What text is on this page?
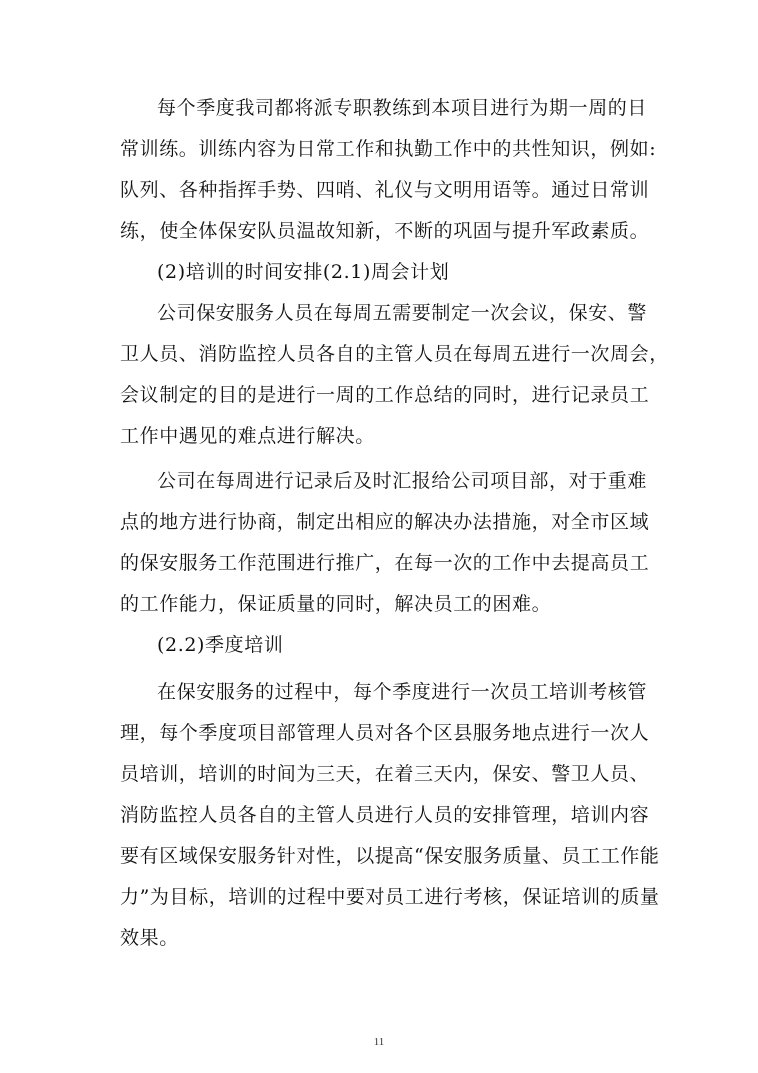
每个季度我司都将派专职教练到本项目进行为期一周的日
常训练。训练内容为日常工作和执勤工作中的共性知识，例如:
队列、各种指挥手势、四哨、礼仪与文明用语等。通过日常训
练，使全体保安队员温故知新，不断的巩固与提升军政素质。
(2)培训的时间安排(2.1)周会计划
公司保安服务人员在每周五需要制定一次会议，保安、警
卫人员、消防监控人员各自的主管人员在每周五进行一次周会，
会议制定的目的是进行一周的工作总结的同时，进行记录员工
工作中遇见的难点进行解决。
公司在每周进行记录后及时汇报给公司项目部，对于重难
点的地方进行协商，制定出相应的解决办法措施，对全市区域
的保安服务工作范围进行推广，在每一次的工作中去提高员工
的工作能力，保证质量的同时，解决员工的困难。
(2.2)季度培训
在保安服务的过程中，每个季度进行一次员工培训考核管
理，每个季度项目部管理人员对各个区县服务地点进行一次人
员培训，培训的时间为三天，在着三天内，保安、警卫人员、
消防监控人员各自的主管人员进行人员的安排管理，培训内容
要有区域保安服务针对性，以提高“保安服务质量、员工工作能
力”为目标，培训的过程中要对员工进行考核，保证培训的质量
效果。
11
